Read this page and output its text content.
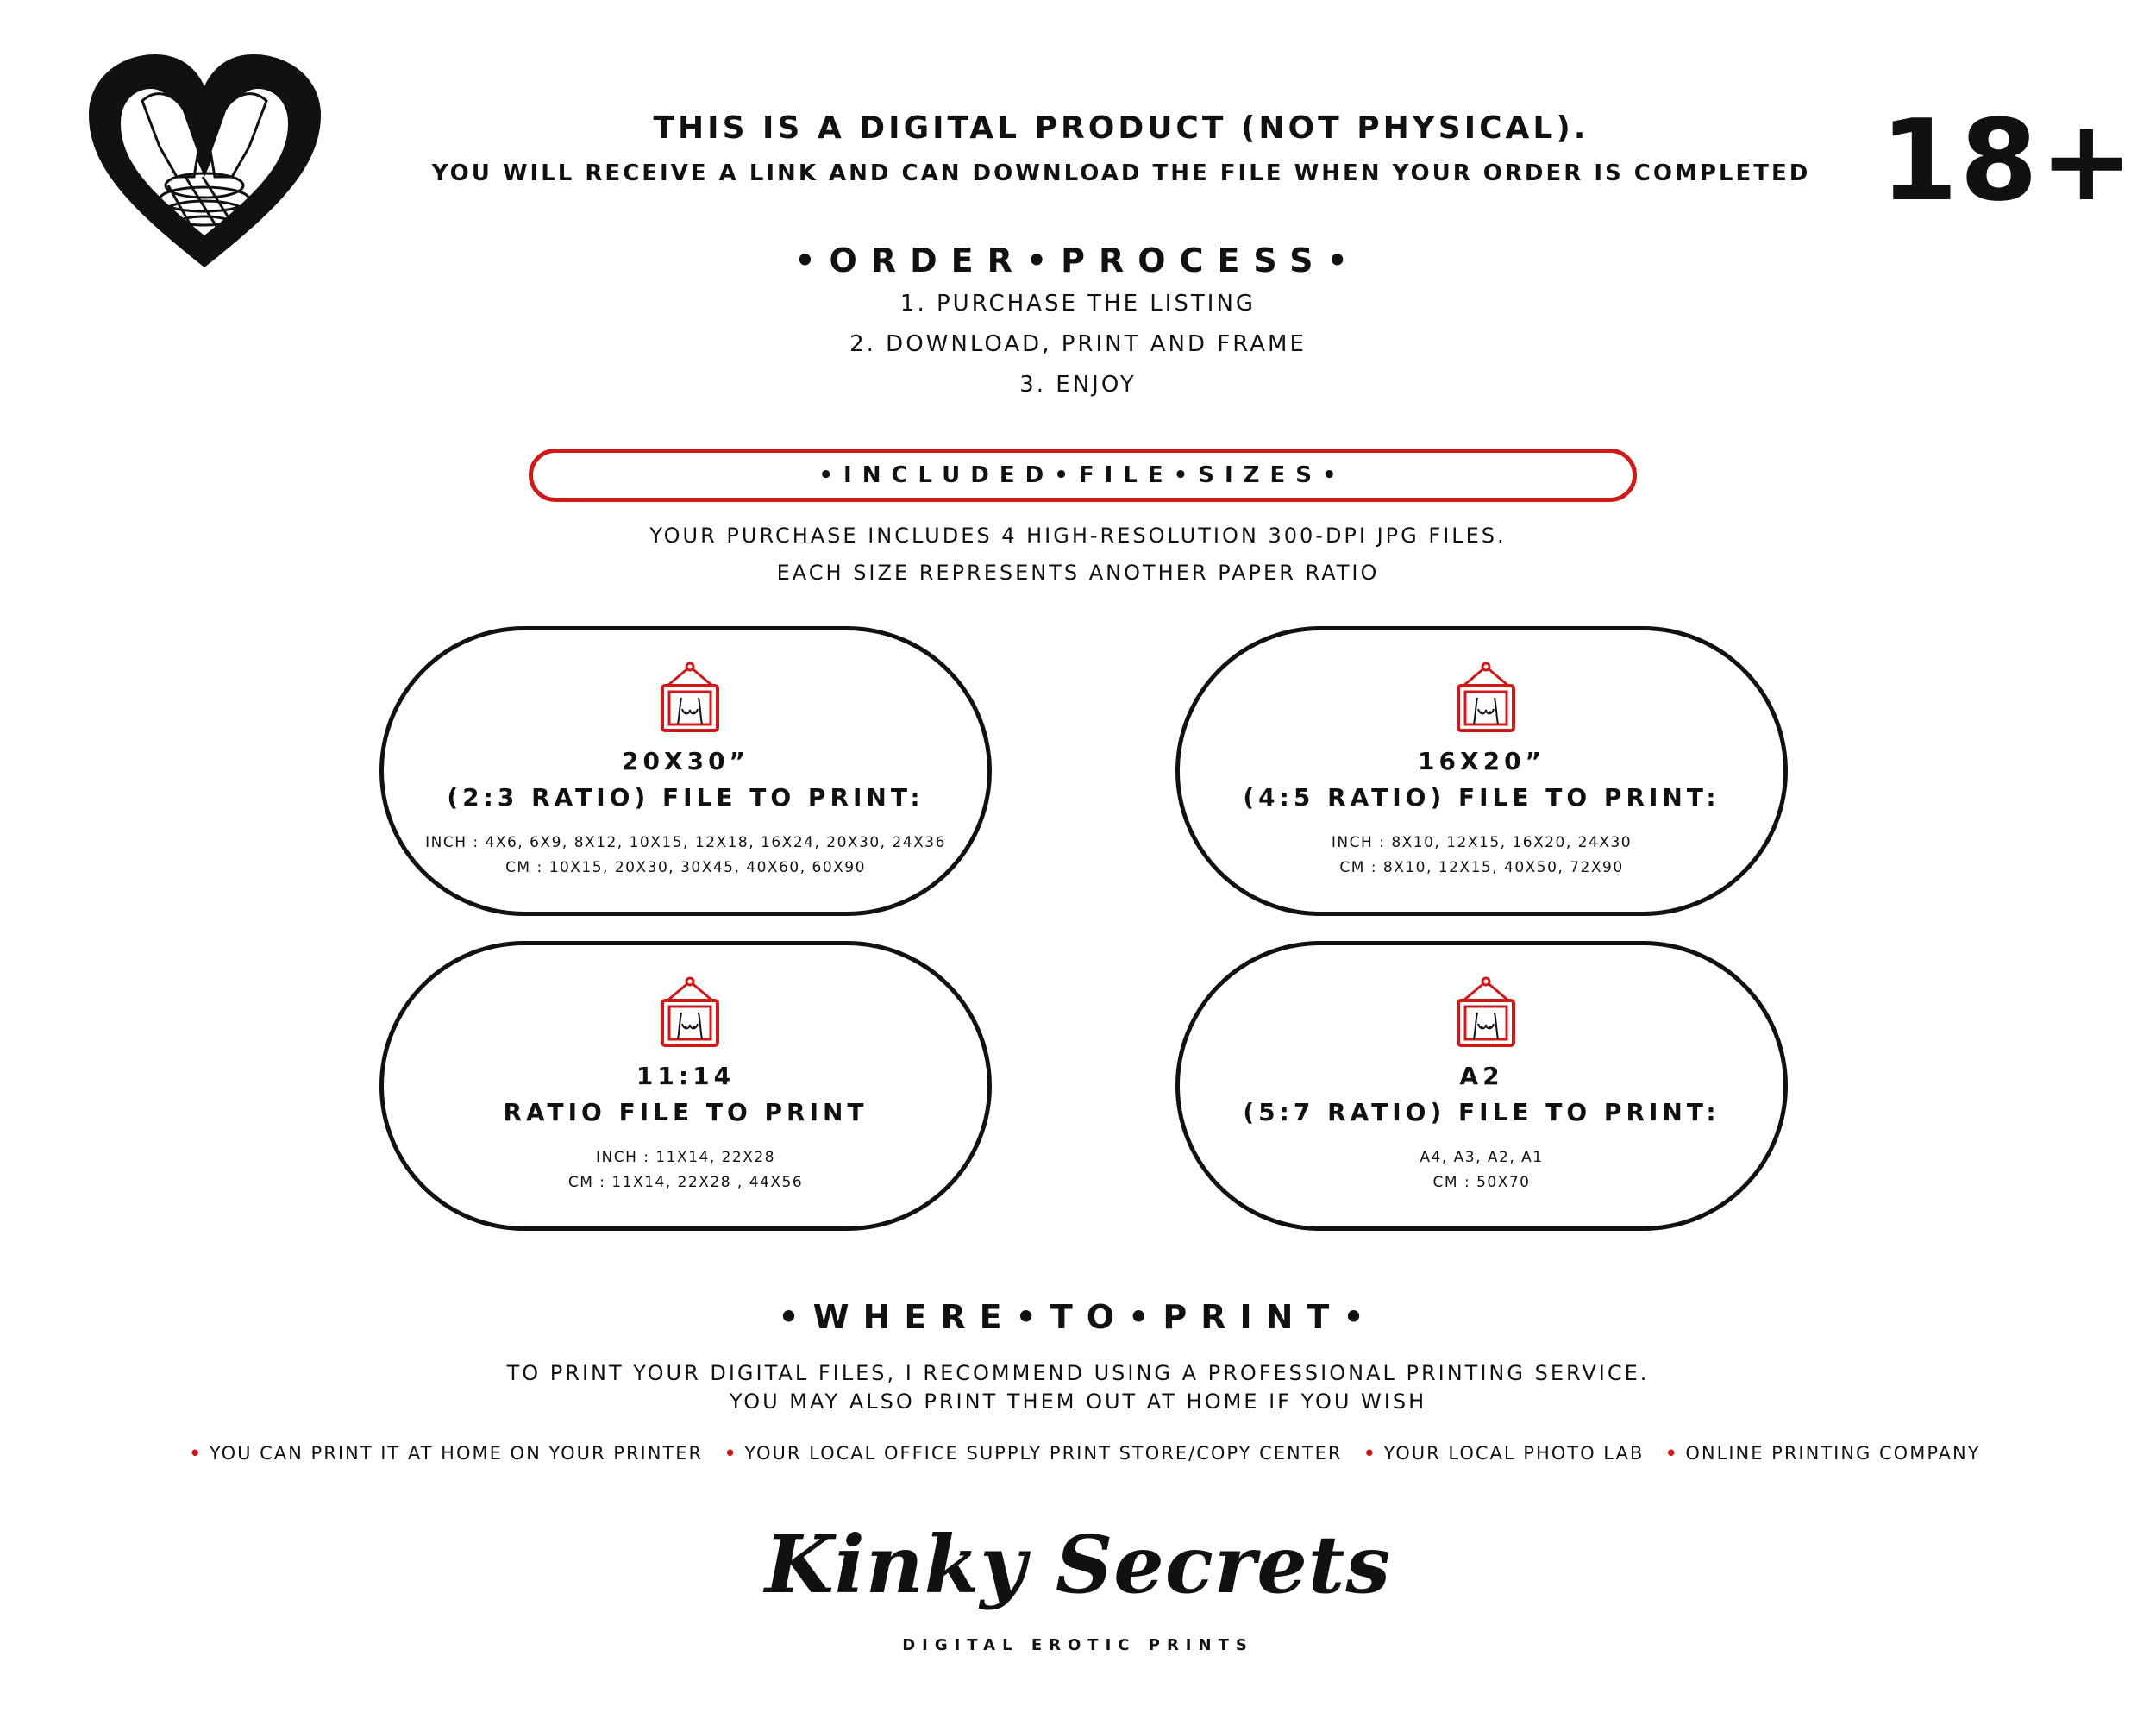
THIS IS A DIGITAL PRODUCT (NOT PHYSICAL).
YOU WILL RECEIVE A LINK AND CAN DOWNLOAD THE FILE WHEN YOUR ORDER IS COMPLETED 18+
•ORDER•PROCESS•
1. PURCHASE THE LISTING
2. DOWNLOAD, PRINT AND FRAME
3. ENJOY
•INCLUDED•FILE•SIZES•
YOUR PURCHASE INCLUDES 4 HIGH-RESOLUTION 300-DPI JPG FILES.
EACH SIZE REPRESENTS ANOTHER PAPER RATIO
20X30”
(2:3 RATIO) FILE TO PRINT:
INCH : 4X6, 6X9, 8X12, 10X15, 12X18, 16X24, 20X30, 24X36
CM : 10X15, 20X30, 30X45, 40X60, 60X90
16X20”
(4:5 RATIO) FILE TO PRINT:
INCH : 8X10, 12X15, 16X20, 24X30
CM : 8X10, 12X15, 40X50, 72X90
11:14
RATIO FILE TO PRINT
INCH : 11X14, 22X28
CM : 11X14, 22X28 , 44X56
A2
(5:7 RATIO) FILE TO PRINT:
A4, A3, A2, A1
CM : 50X70
•WHERE•TO•PRINT•
TO PRINT YOUR DIGITAL FILES, I RECOMMEND USING A PROFESSIONAL PRINTING SERVICE.
YOU MAY ALSO PRINT THEM OUT AT HOME IF YOU WISH
• YOU CAN PRINT IT AT HOME ON YOUR PRINTER • YOUR LOCAL OFFICE SUPPLY PRINT STORE/COPY CENTER • YOUR LOCAL PHOTO LAB • ONLINE PRINTING COMPANY
Kinky Secrets
DIGITAL EROTIC PRINTS
